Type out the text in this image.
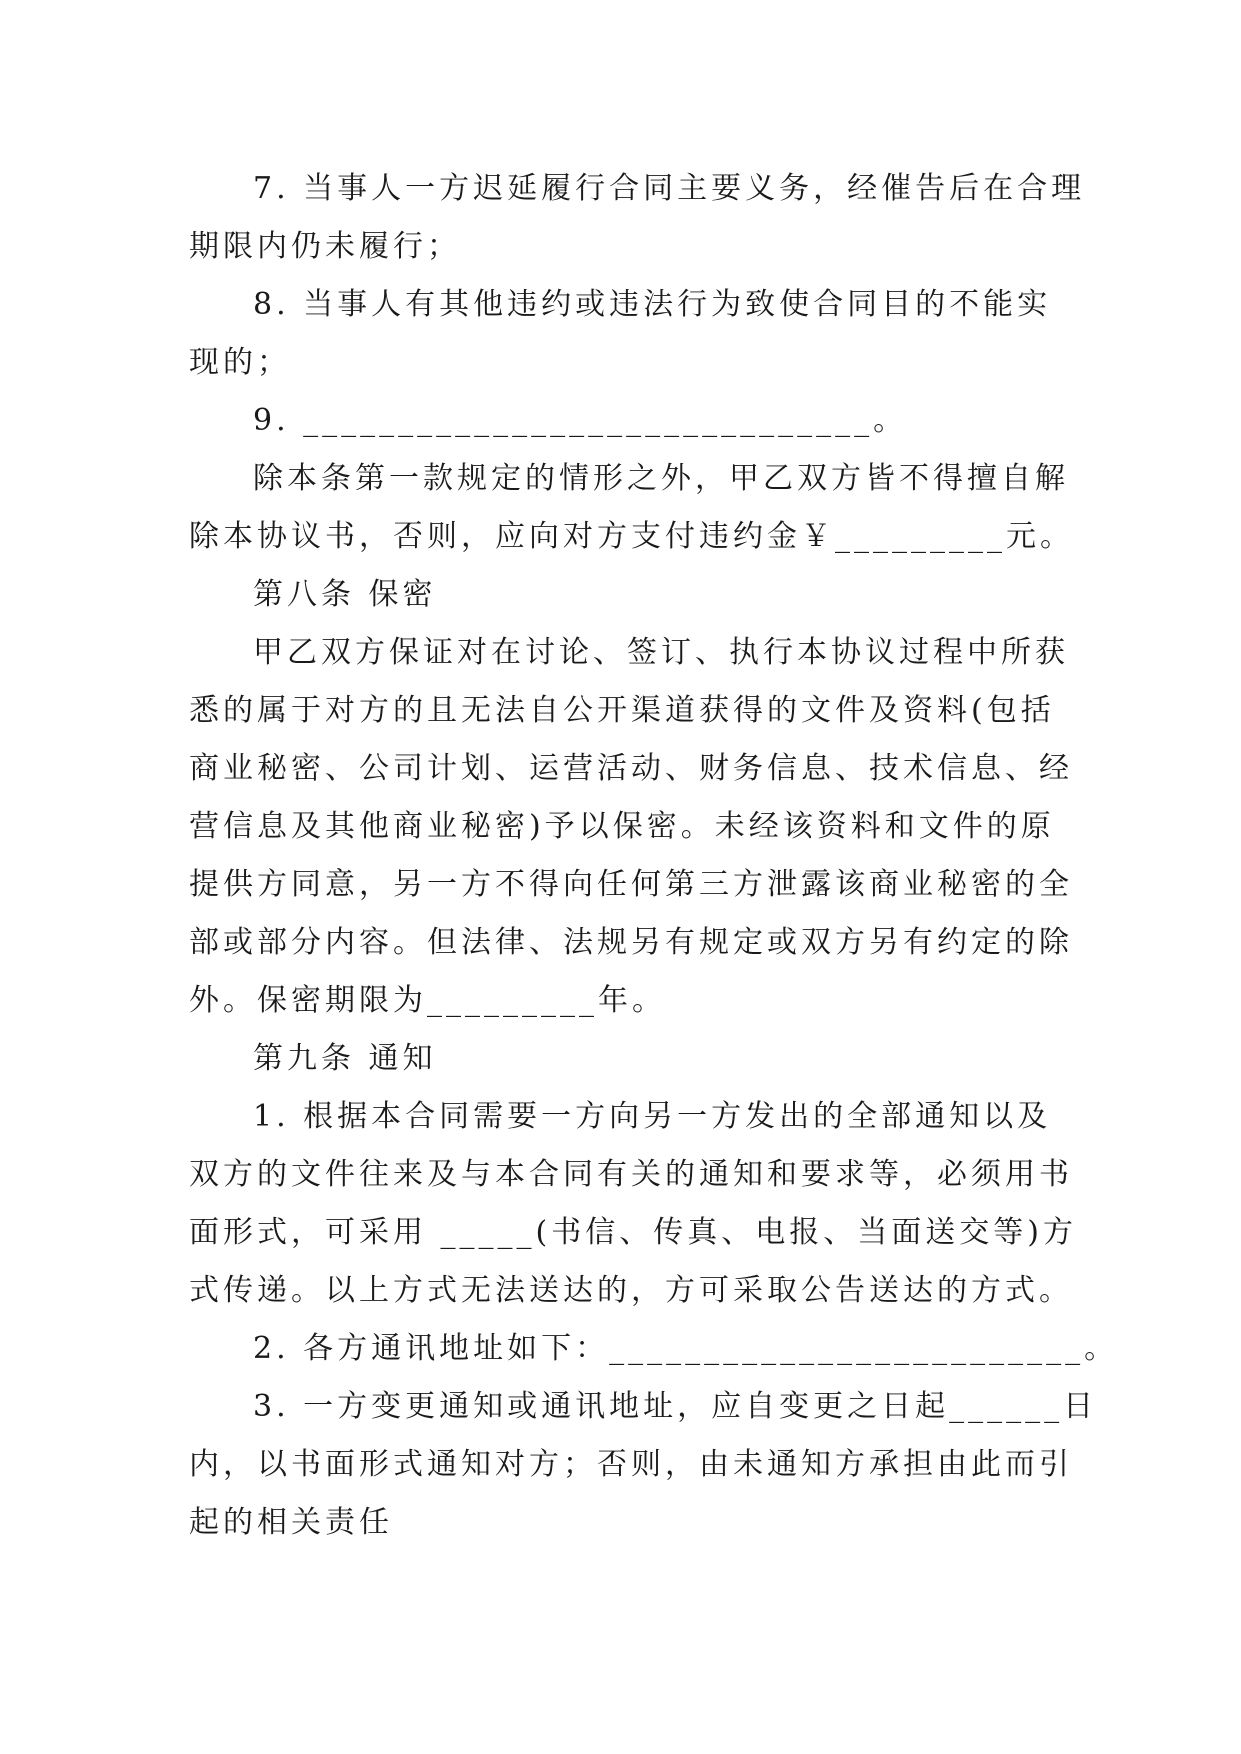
7. 当事人一方迟延履行合同主要义务，经催告后在合理
期限内仍未履行；
8. 当事人有其他违约或违法行为致使合同目的不能实
现的；
9. ______________________________。
除本条第一款规定的情形之外，甲乙双方皆不得擅自解
除本协议书，否则，应向对方支付违约金￥_________元。
第八条 保密
甲乙双方保证对在讨论、签订、执行本协议过程中所获
悉的属于对方的且无法自公开渠道获得的文件及资料(包括
商业秘密、公司计划、运营活动、财务信息、技术信息、经
营信息及其他商业秘密)予以保密。未经该资料和文件的原
提供方同意，另一方不得向任何第三方泄露该商业秘密的全
部或部分内容。但法律、法规另有规定或双方另有约定的除
外。保密期限为_________年。
第九条 通知
1. 根据本合同需要一方向另一方发出的全部通知以及
双方的文件往来及与本合同有关的通知和要求等，必须用书
面形式，可采用 _____(书信、传真、电报、当面送交等)方
式传递。以上方式无法送达的，方可采取公告送达的方式。
2. 各方通讯地址如下：_________________________。
3. 一方变更通知或通讯地址，应自变更之日起______日
内，以书面形式通知对方；否则，由未通知方承担由此而引
起的相关责任
